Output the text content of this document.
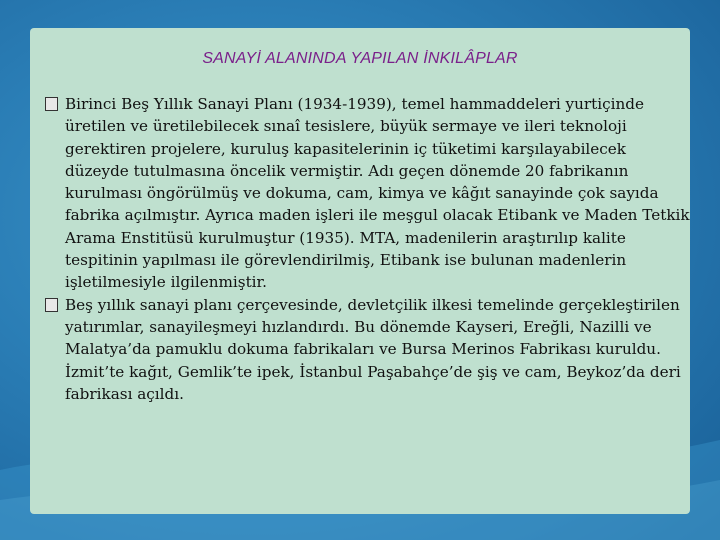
SANAYİ ALANINDA YAPILAN İNKILÂPLAR

Birinci Beş Yıllık Sanayi Planı (1934-1939), temel hammaddeleri yurtiçinde üretilen ve üretilebilecek sınaî tesislere, büyük sermaye ve ileri teknoloji gerektiren projelere, kuruluş kapasitelerinin iç tüketimi karşılayabilecek düzeyde tutulmasına öncelik vermiştir. Adı geçen dönemde 20 fabrikanın kurulması öngörülmüş ve dokuma, cam, kimya ve kâğıt sanayinde çok sayıda fabrika açılmıştır. Ayrıca maden işleri ile meşgul olacak Etibank ve Maden Tetkik Arama Enstitüsü kurulmuştur (1935). MTA, madenilerin araştırılıp kalite tespitinin yapılması ile görevlendirilmiş, Etibank ise bulunan madenlerin işletilmesiyle ilgilenmiştir.

Beş yıllık sanayi planı çerçevesinde, devletçilik ilkesi temelinde gerçekleştirilen yatırımlar, sanayileşmeyi hızlandırdı. Bu dönemde Kayseri, Ereğli, Nazilli ve Malatya’da pamuklu dokuma fabrikaları ve Bursa Merinos Fabrikası kuruldu. İzmit’te kağıt, Gemlik’te ipek, İstanbul Paşabahçe’de şiş ve cam, Beykoz’da deri fabrikası açıldı.
